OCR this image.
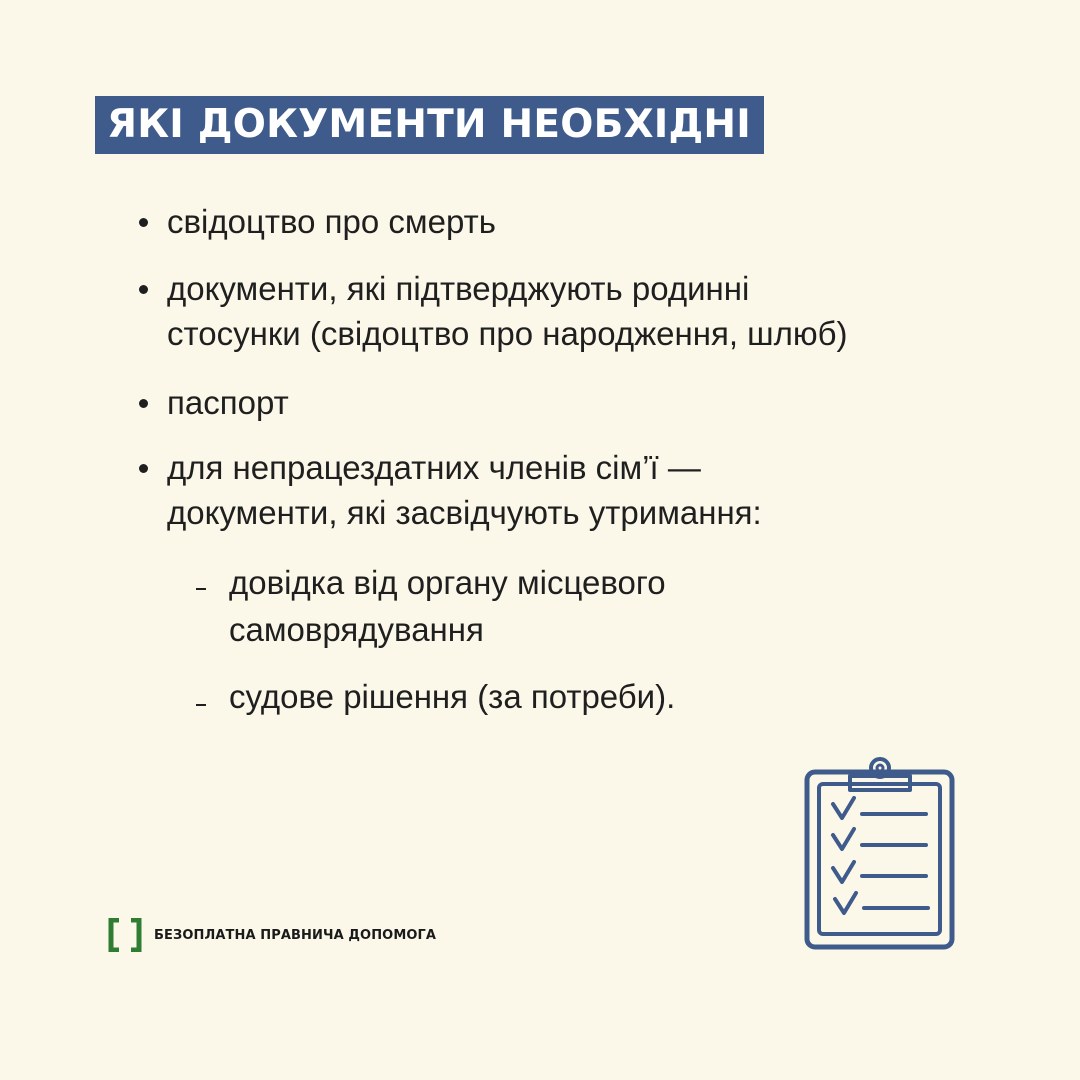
ЯКІ ДОКУМЕНТИ НЕОБХІДНІ
свідоцтво про смерть
документи, які підтверджують родинні
стосунки (свідоцтво про народження, шлюб)
паспорт
для непрацездатних членів сім’ї —
документи, які засвідчують утримання:
довідка від органу місцевого
самоврядування
судове рішення (за потреби).
БЕЗОПЛАТНА ПРАВНИЧА ДОПОМОГА
